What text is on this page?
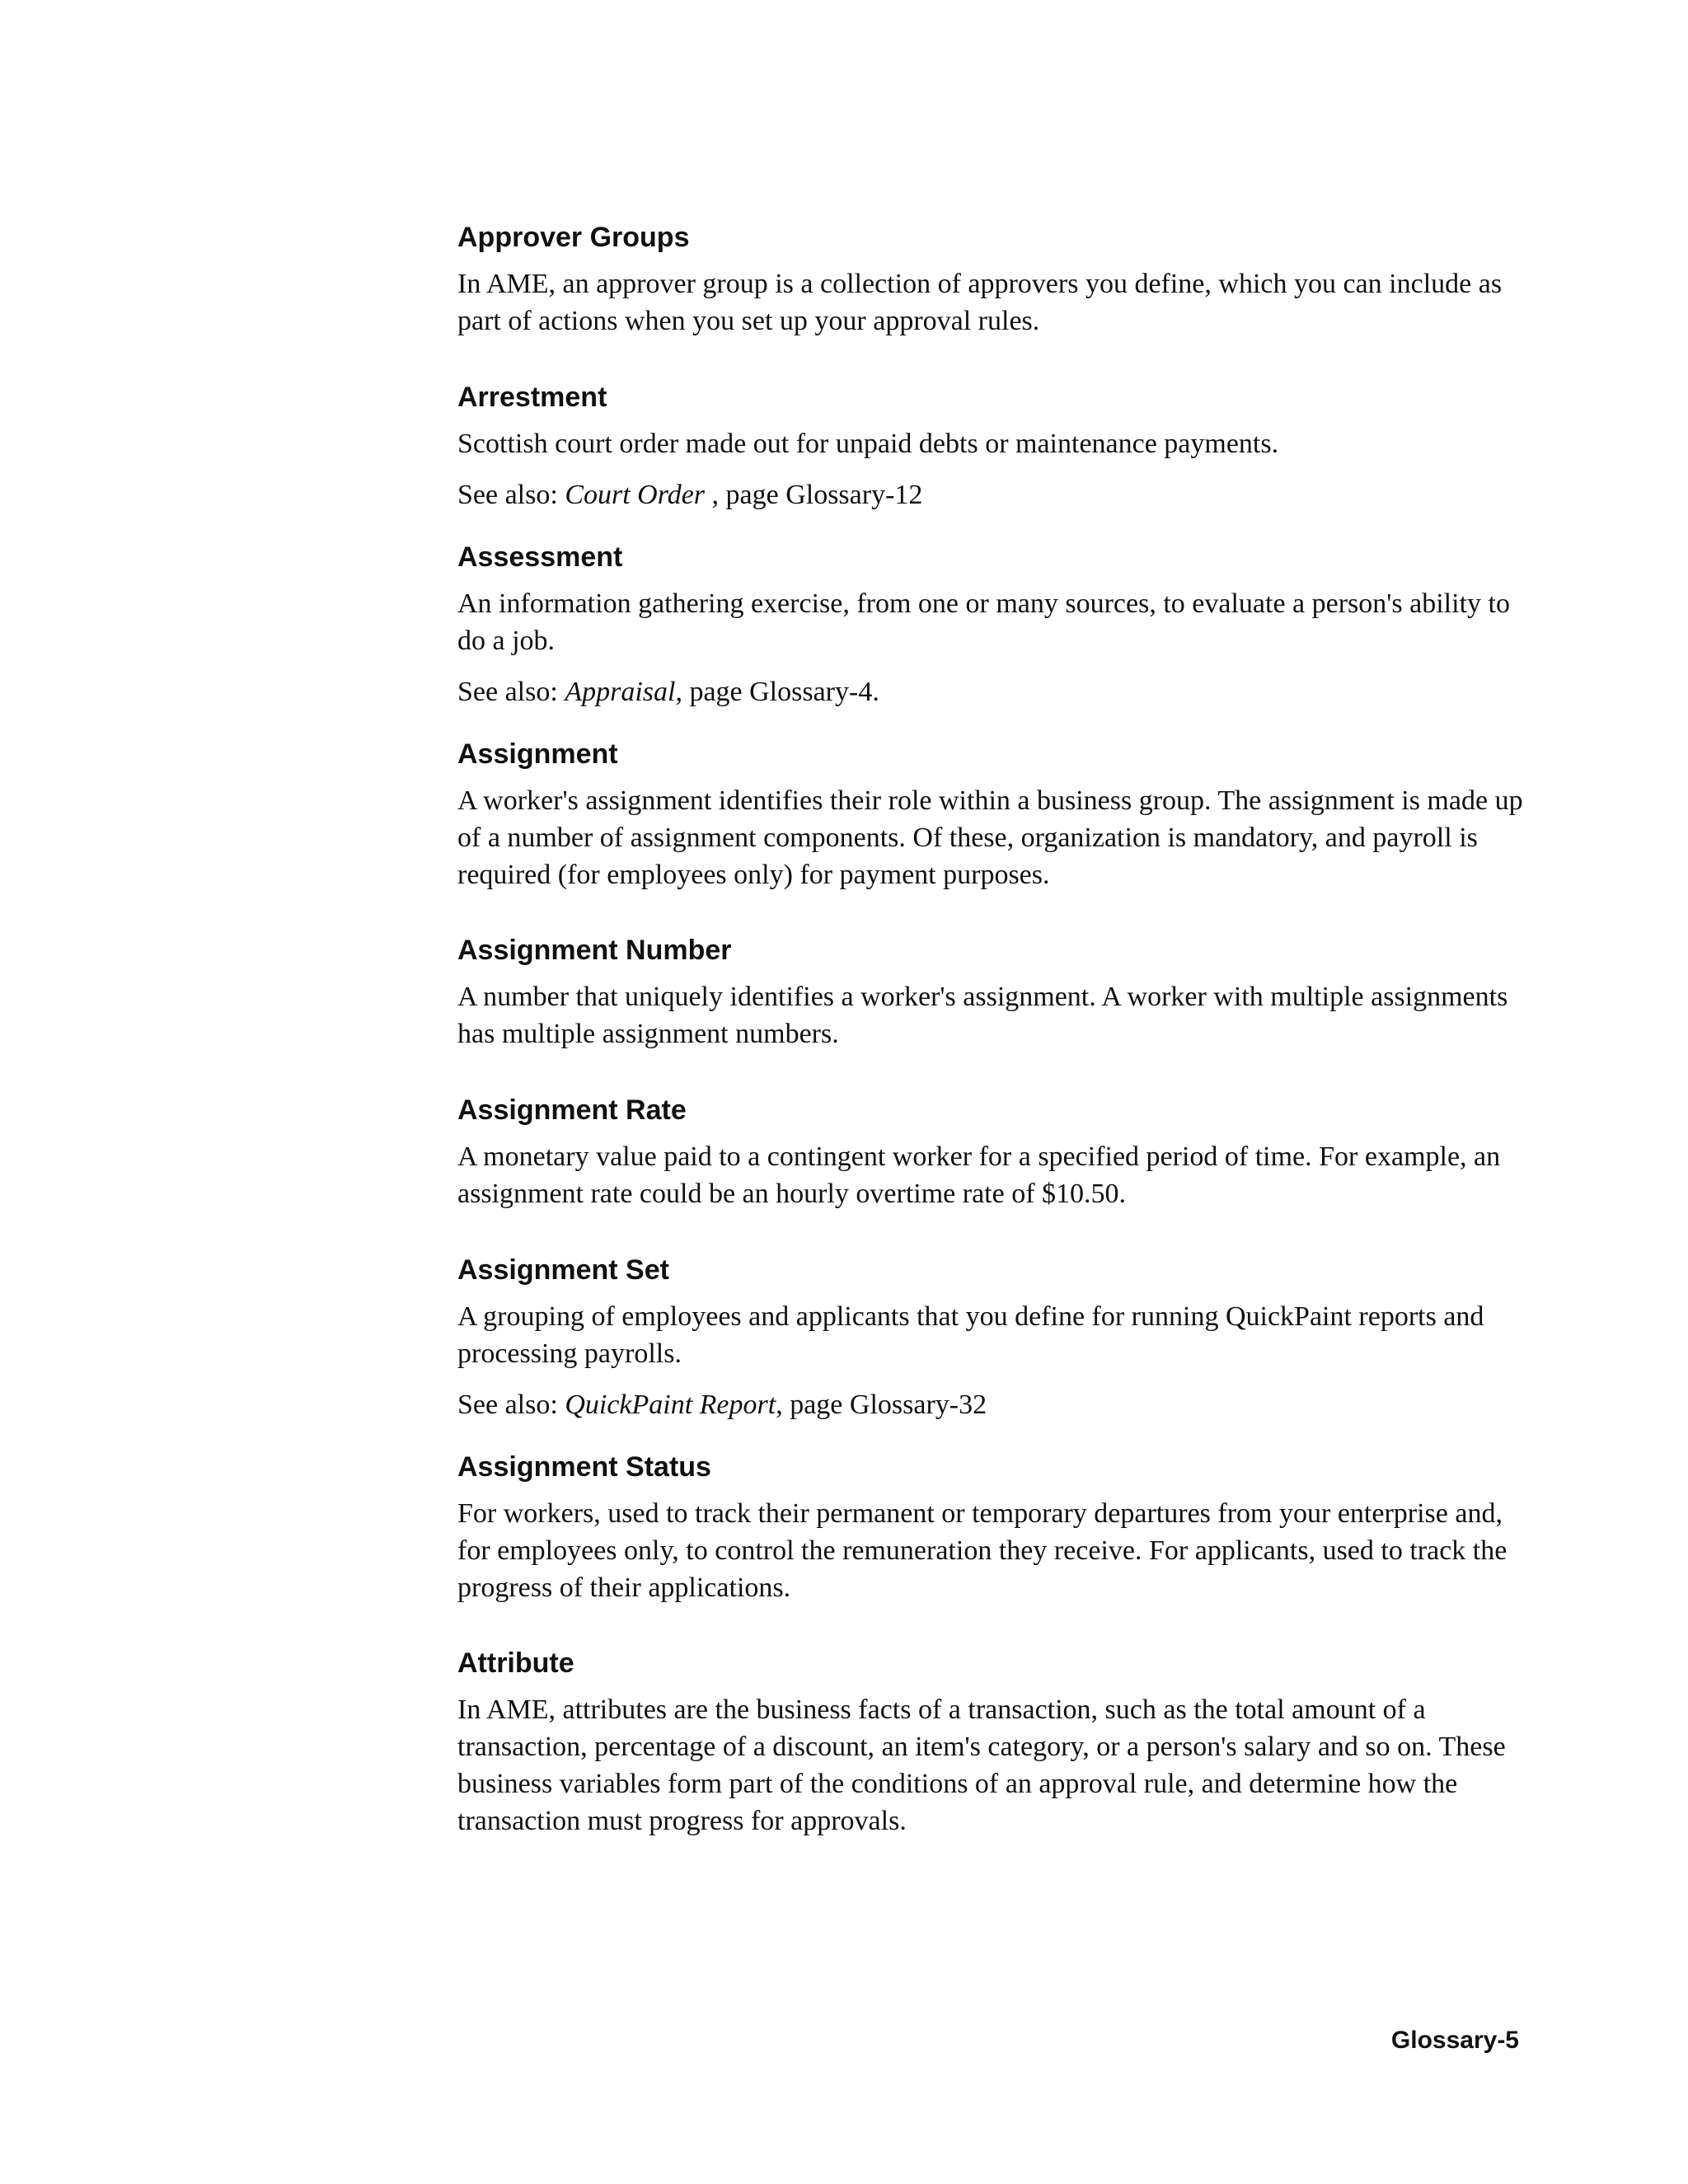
Approver Groups

In AME, an approver group is a collection of approvers you define, which you can include as part of actions when you set up your approval rules.

Arrestment

Scottish court order made out for unpaid debts or maintenance payments.

See also: Court Order , page Glossary-12

Assessment

An information gathering exercise, from one or many sources, to evaluate a person's ability to do a job.

See also: Appraisal, page Glossary-4.

Assignment

A worker's assignment identifies their role within a business group. The assignment is made up of a number of assignment components. Of these, organization is mandatory, and payroll is required (for employees only) for payment purposes.

Assignment Number

A number that uniquely identifies a worker's assignment. A worker with multiple assignments has multiple assignment numbers.

Assignment Rate

A monetary value paid to a contingent worker for a specified period of time. For example, an assignment rate could be an hourly overtime rate of $10.50.

Assignment Set

A grouping of employees and applicants that you define for running QuickPaint reports and processing payrolls.

See also: QuickPaint Report, page Glossary-32

Assignment Status

For workers, used to track their permanent or temporary departures from your enterprise and, for employees only, to control the remuneration they receive. For applicants, used to track the progress of their applications.

Attribute

In AME, attributes are the business facts of a transaction, such as the total amount of a transaction, percentage of a discount, an item's category, or a person's salary and so on. These business variables form part of the conditions of an approval rule, and determine how the transaction must progress for approvals.

Glossary-5
